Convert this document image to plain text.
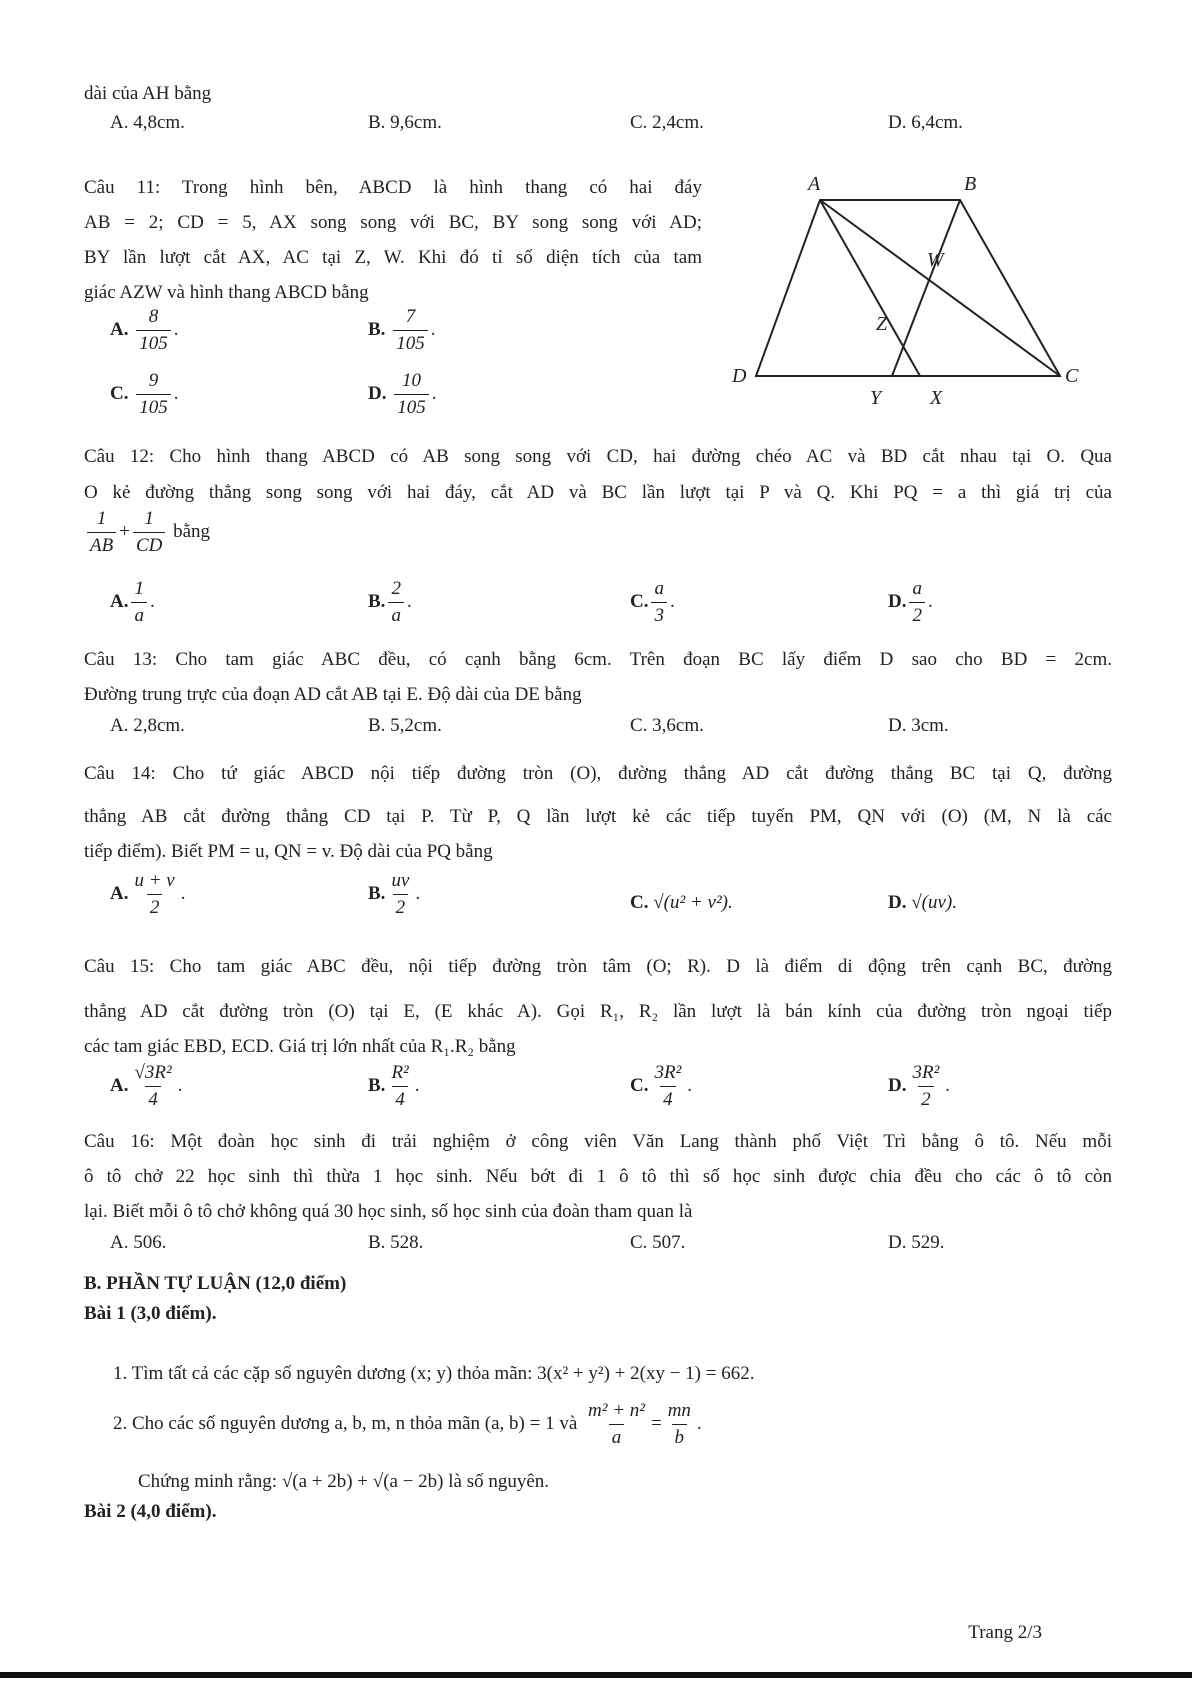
dài của AH bằng
A. 4,8cm.	B. 9,6cm.	C. 2,4cm.	D. 6,4cm.
Câu 11: Trong hình bên, ABCD là hình thang có hai đáy
AB = 2; CD = 5, AX song song với BC, BY song song với AD;
BY lần lượt cắt AX, AC tại Z, W. Khi đó tỉ số diện tích của tam
giác AZW và hình thang ABCD bằng
A. $\frac{8}{105}$ .	B. $\frac{7}{105}$ .
C. $\frac{9}{105}$ .	D. $\frac{10}{105}$ .
A	B
W
Z
D
Y X
C
Câu 12: Cho hình thang ABCD có AB song song với CD, hai đường chéo AC và BD cắt nhau tại O. Qua
O kẻ đường thẳng song song với hai đáy, cắt AD và BC lần lượt tại P và Q. Khi PQ = a thì giá trị của
$\frac{1}{AB} + \frac{1}{CD}$ bằng
A. $\frac{1}{a}$ .	B. $\frac{2}{a}$ .	C. $\frac{a}{3}$ .	D. $\frac{a}{2}$ .
Câu 13: Cho tam giác ABC đều, có cạnh bằng 6cm. Trên đoạn BC lấy điểm D sao cho BD = 2cm.
Đường trung trực của đoạn AD cắt AB tại E. Độ dài của DE bằng
A. 2,8cm.	B. 5,2cm.	C. 3,6cm.	D. 3cm.
Câu 14: Cho tứ giác ABCD nội tiếp đường tròn (O), đường thẳng AD cắt đường thẳng BC tại Q, đường
thẳng AB cắt đường thẳng CD tại P. Từ P, Q lần lượt kẻ các tiếp tuyến PM, QN với (O) (M, N là các
tiếp điểm). Biết PM = u, QN = v. Độ dài của PQ bằng
A. $\frac{u + v}{2}$ .	B. $\frac{uv}{2}$ .	C. √(u² + v²).	D. √(uv).
Câu 15: Cho tam giác ABC đều, nội tiếp đường tròn tâm (O; R). D là điểm di động trên cạnh BC, đường
thẳng AD cắt đường tròn (O) tại E, (E khác A). Gọi R₁, R₂ lần lượt là bán kính của đường tròn ngoại tiếp
các tam giác EBD, ECD. Giá trị lớn nhất của R₁.R₂ bằng
A. $\frac{\text{√3R²}}{4}$ .	B. $\frac{\text{R²}}{4}$ .	C. $\frac{\text{3R²}}{4}$ .	D. $\frac{\text{3R²}}{2}$ .
Câu 16: Một đoàn học sinh đi trải nghiệm ở công viên Văn Lang thành phố Việt Trì bằng ô tô. Nếu mỗi
ô tô chở 22 học sinh thì thừa 1 học sinh. Nếu bớt đi 1 ô tô thì số học sinh được chia đều cho các ô tô còn
lại. Biết mỗi ô tô chở không quá 30 học sinh, số học sinh của đoàn tham quan là
A. 506.	B. 528.	C. 507.	D. 529.
B. PHẦN TỰ LUẬN (12,0 điểm)
Bài 1 (3,0 điểm).
1. Tìm tất cả các cặp số nguyên dương (x; y) thỏa mãn: 3(x² + y²) + 2(xy − 1) = 662.
2. Cho các số nguyên dương a, b, m, n thỏa mãn (a, b) = 1 và $\frac{\text{m² + n²}}{a} = \frac{mn}{b}$ .
Chứng minh rằng: √(a + 2b) + √(a − 2b) là số nguyên.
Bài 2 (4,0 điểm).
Trang 2/3
